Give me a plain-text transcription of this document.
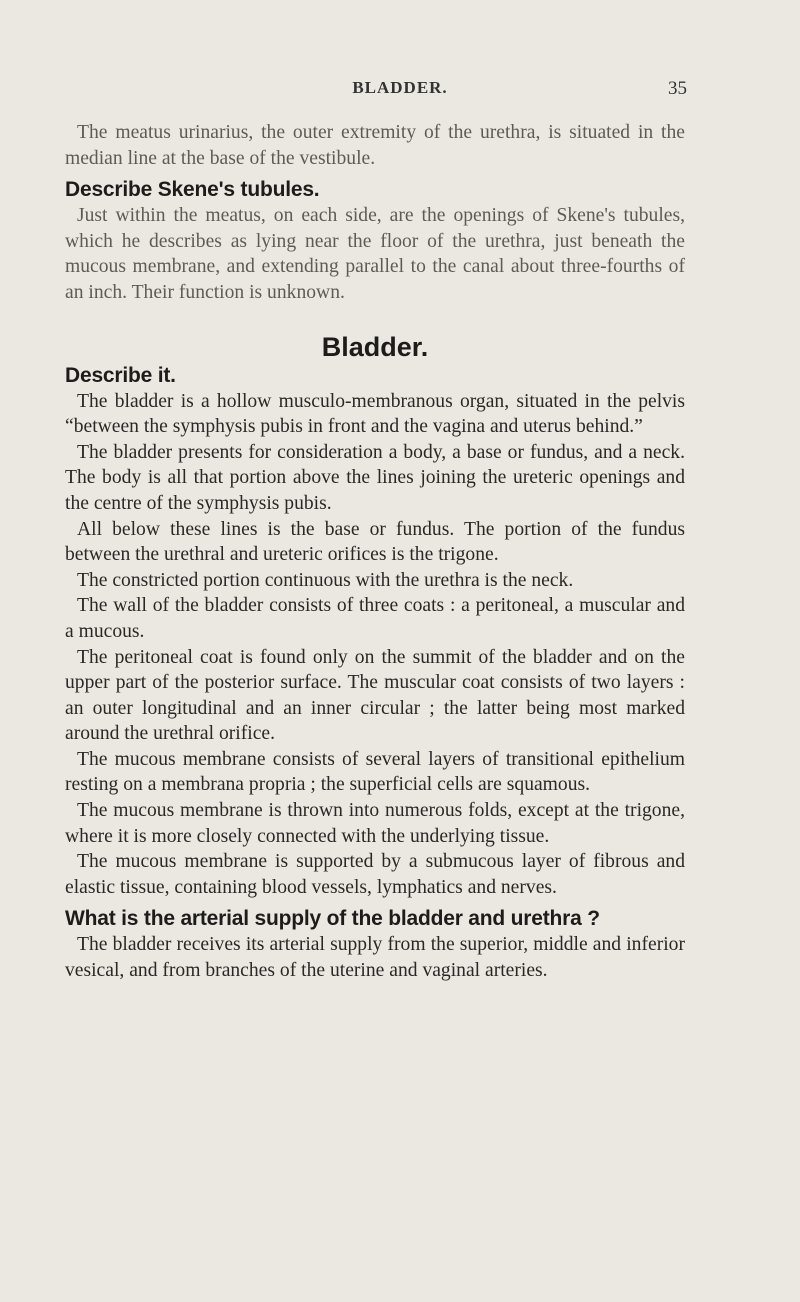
BLADDER.	35

The meatus urinarius, the outer extremity of the urethra, is situated in the median line at the base of the vestibule.

Describe Skene's tubules.

Just within the meatus, on each side, are the openings of Skene's tubules, which he describes as lying near the floor of the urethra, just beneath the mucous membrane, and extending parallel to the canal about three-fourths of an inch. Their function is unknown.

Bladder.
Describe it.

The bladder is a hollow musculo-membranous organ, situated in the pelvis “between the symphysis pubis in front and the vagina and uterus behind.”

The bladder presents for consideration a body, a base or fundus, and a neck. The body is all that portion above the lines joining the ureteric openings and the centre of the symphysis pubis.

All below these lines is the base or fundus. The portion of the fundus between the urethral and ureteric orifices is the trigone.

The constricted portion continuous with the urethra is the neck.

The wall of the bladder consists of three coats : a peritoneal, a muscular and a mucous.

The peritoneal coat is found only on the summit of the bladder and on the upper part of the posterior surface. The muscular coat consists of two layers : an outer longitudinal and an inner circular ; the latter being most marked around the urethral orifice.

The mucous membrane consists of several layers of transitional epithelium resting on a membrana propria ; the superficial cells are squamous.

The mucous membrane is thrown into numerous folds, except at the trigone, where it is more closely connected with the underlying tissue.

The mucous membrane is supported by a submucous layer of fibrous and elastic tissue, containing blood vessels, lymphatics and nerves.

What is the arterial supply of the bladder and urethra ?

The bladder receives its arterial supply from the superior, middle and inferior vesical, and from branches of the uterine and vaginal arteries.
